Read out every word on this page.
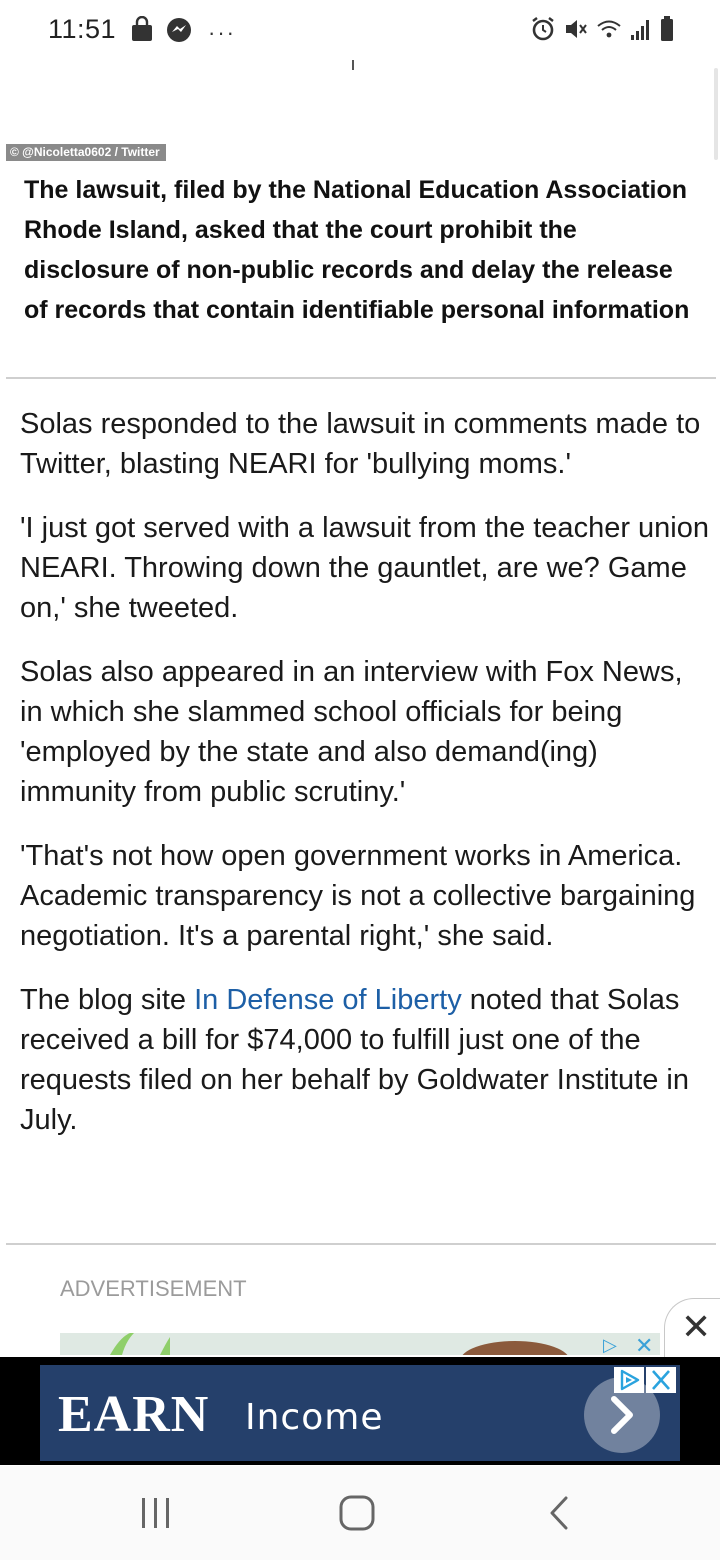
11:51	···
© @Nicoletta0602 / Twitter

The lawsuit, filed by the National Education Association Rhode Island, asked that the court prohibit the disclosure of non-public records and delay the release of records that contain identifiable personal information

Solas responded to the lawsuit in comments made to Twitter, blasting NEARI for 'bullying moms.'

'I just got served with a lawsuit from the teacher union NEARI. Throwing down the gauntlet, are we? Game on,' she tweeted.

Solas also appeared in an interview with Fox News, in which she slammed school officials for being 'employed by the state and also demand(ing) immunity from public scrutiny.'

'That's not how open government works in America. Academic transparency is not a collective bargaining negotiation. It's a parental right,' she said.

The blog site In Defense of Liberty noted that Solas received a bill for $74,000 to fulfill just one of the requests filed on her behalf by Goldwater Institute in July.

ADVERTISEMENT
▷ ✕ ✕
EARN Income
